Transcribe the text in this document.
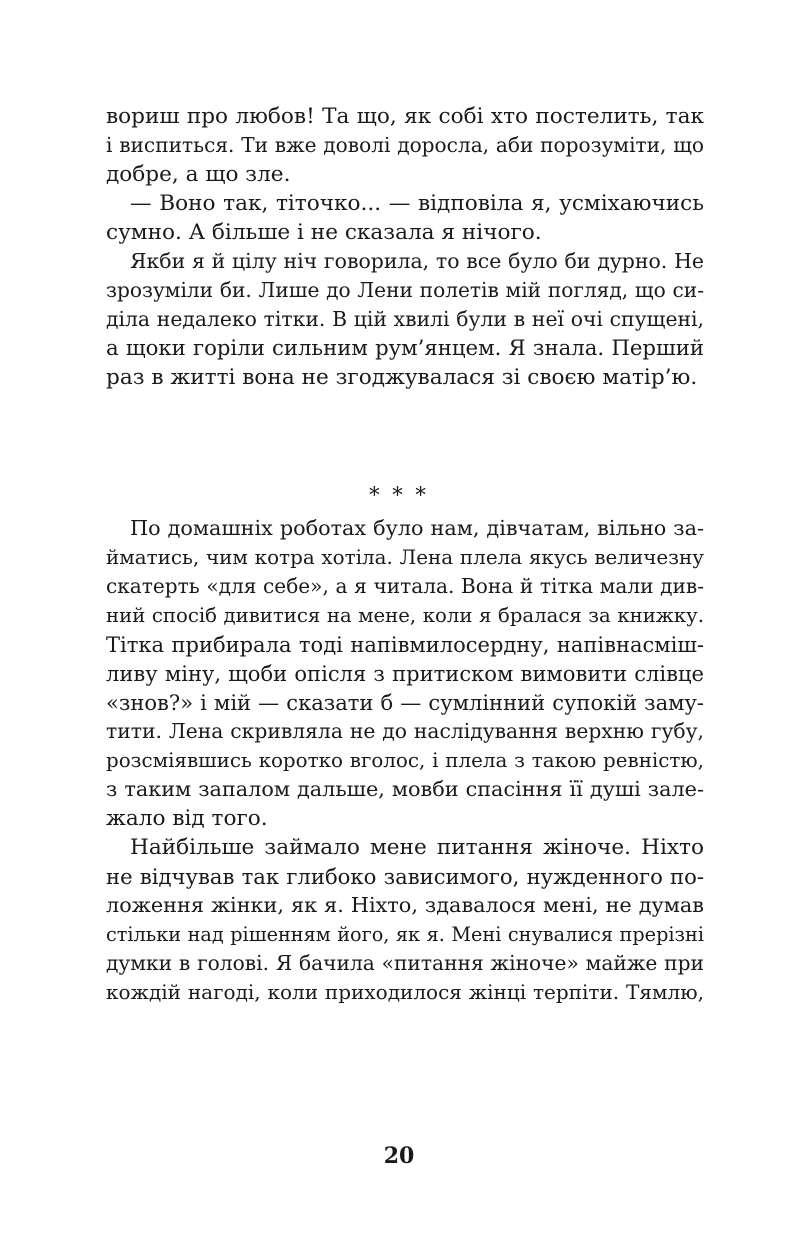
вориш про любов! Та що, як собі хто постелить, так
і виспиться. Ти вже доволі доросла, аби порозуміти, що
добре, а що зле.

— Воно так, тіточко... — відповіла я, усміхаючись
сумно. А більше і не сказала я нічого.

Якби я й цілу ніч говорила, то все було би дурно. Не
зрозуміли би. Лише до Лени полетів мій погляд, що си-
діла недалеко тітки. В цій хвилі були в неї очі спущені,
а щоки горіли сильним рум’янцем. Я знала. Перший
раз в житті вона не згоджувалася зі своєю матір’ю.

* * *

По домашніх роботах було нам, дівчатам, вільно за-
йматись, чим котра хотіла. Лена плела якусь величезну
скатерть «для себе», а я читала. Вона й тітка мали див-
ний спосіб дивитися на мене, коли я бралася за книжку.
Тітка прибирала тоді напівмилосердну, напівнасміш-
ливу міну, щоби опісля з притиском вимовити слівце
«знов?» і мій — сказати б — сумлінний супокій заму-
тити. Лена скривляла не до наслідування верхню губу,
розсміявшись коротко вголос, і плела з такою ревністю,
з таким запалом дальше, мовби спасіння її душі зале-
жало від того.

Найбільше займало мене питання жіноче. Ніхто
не відчував так глибоко зависимого, нужденного по-
ложення жінки, як я. Ніхто, здавалося мені, не думав
стільки над рішенням його, як я. Мені снувалися прерізні
думки в голові. Я бачила «питання жіноче» майже при
кождій нагоді, коли приходилося жінці терпіти. Тямлю,

20
